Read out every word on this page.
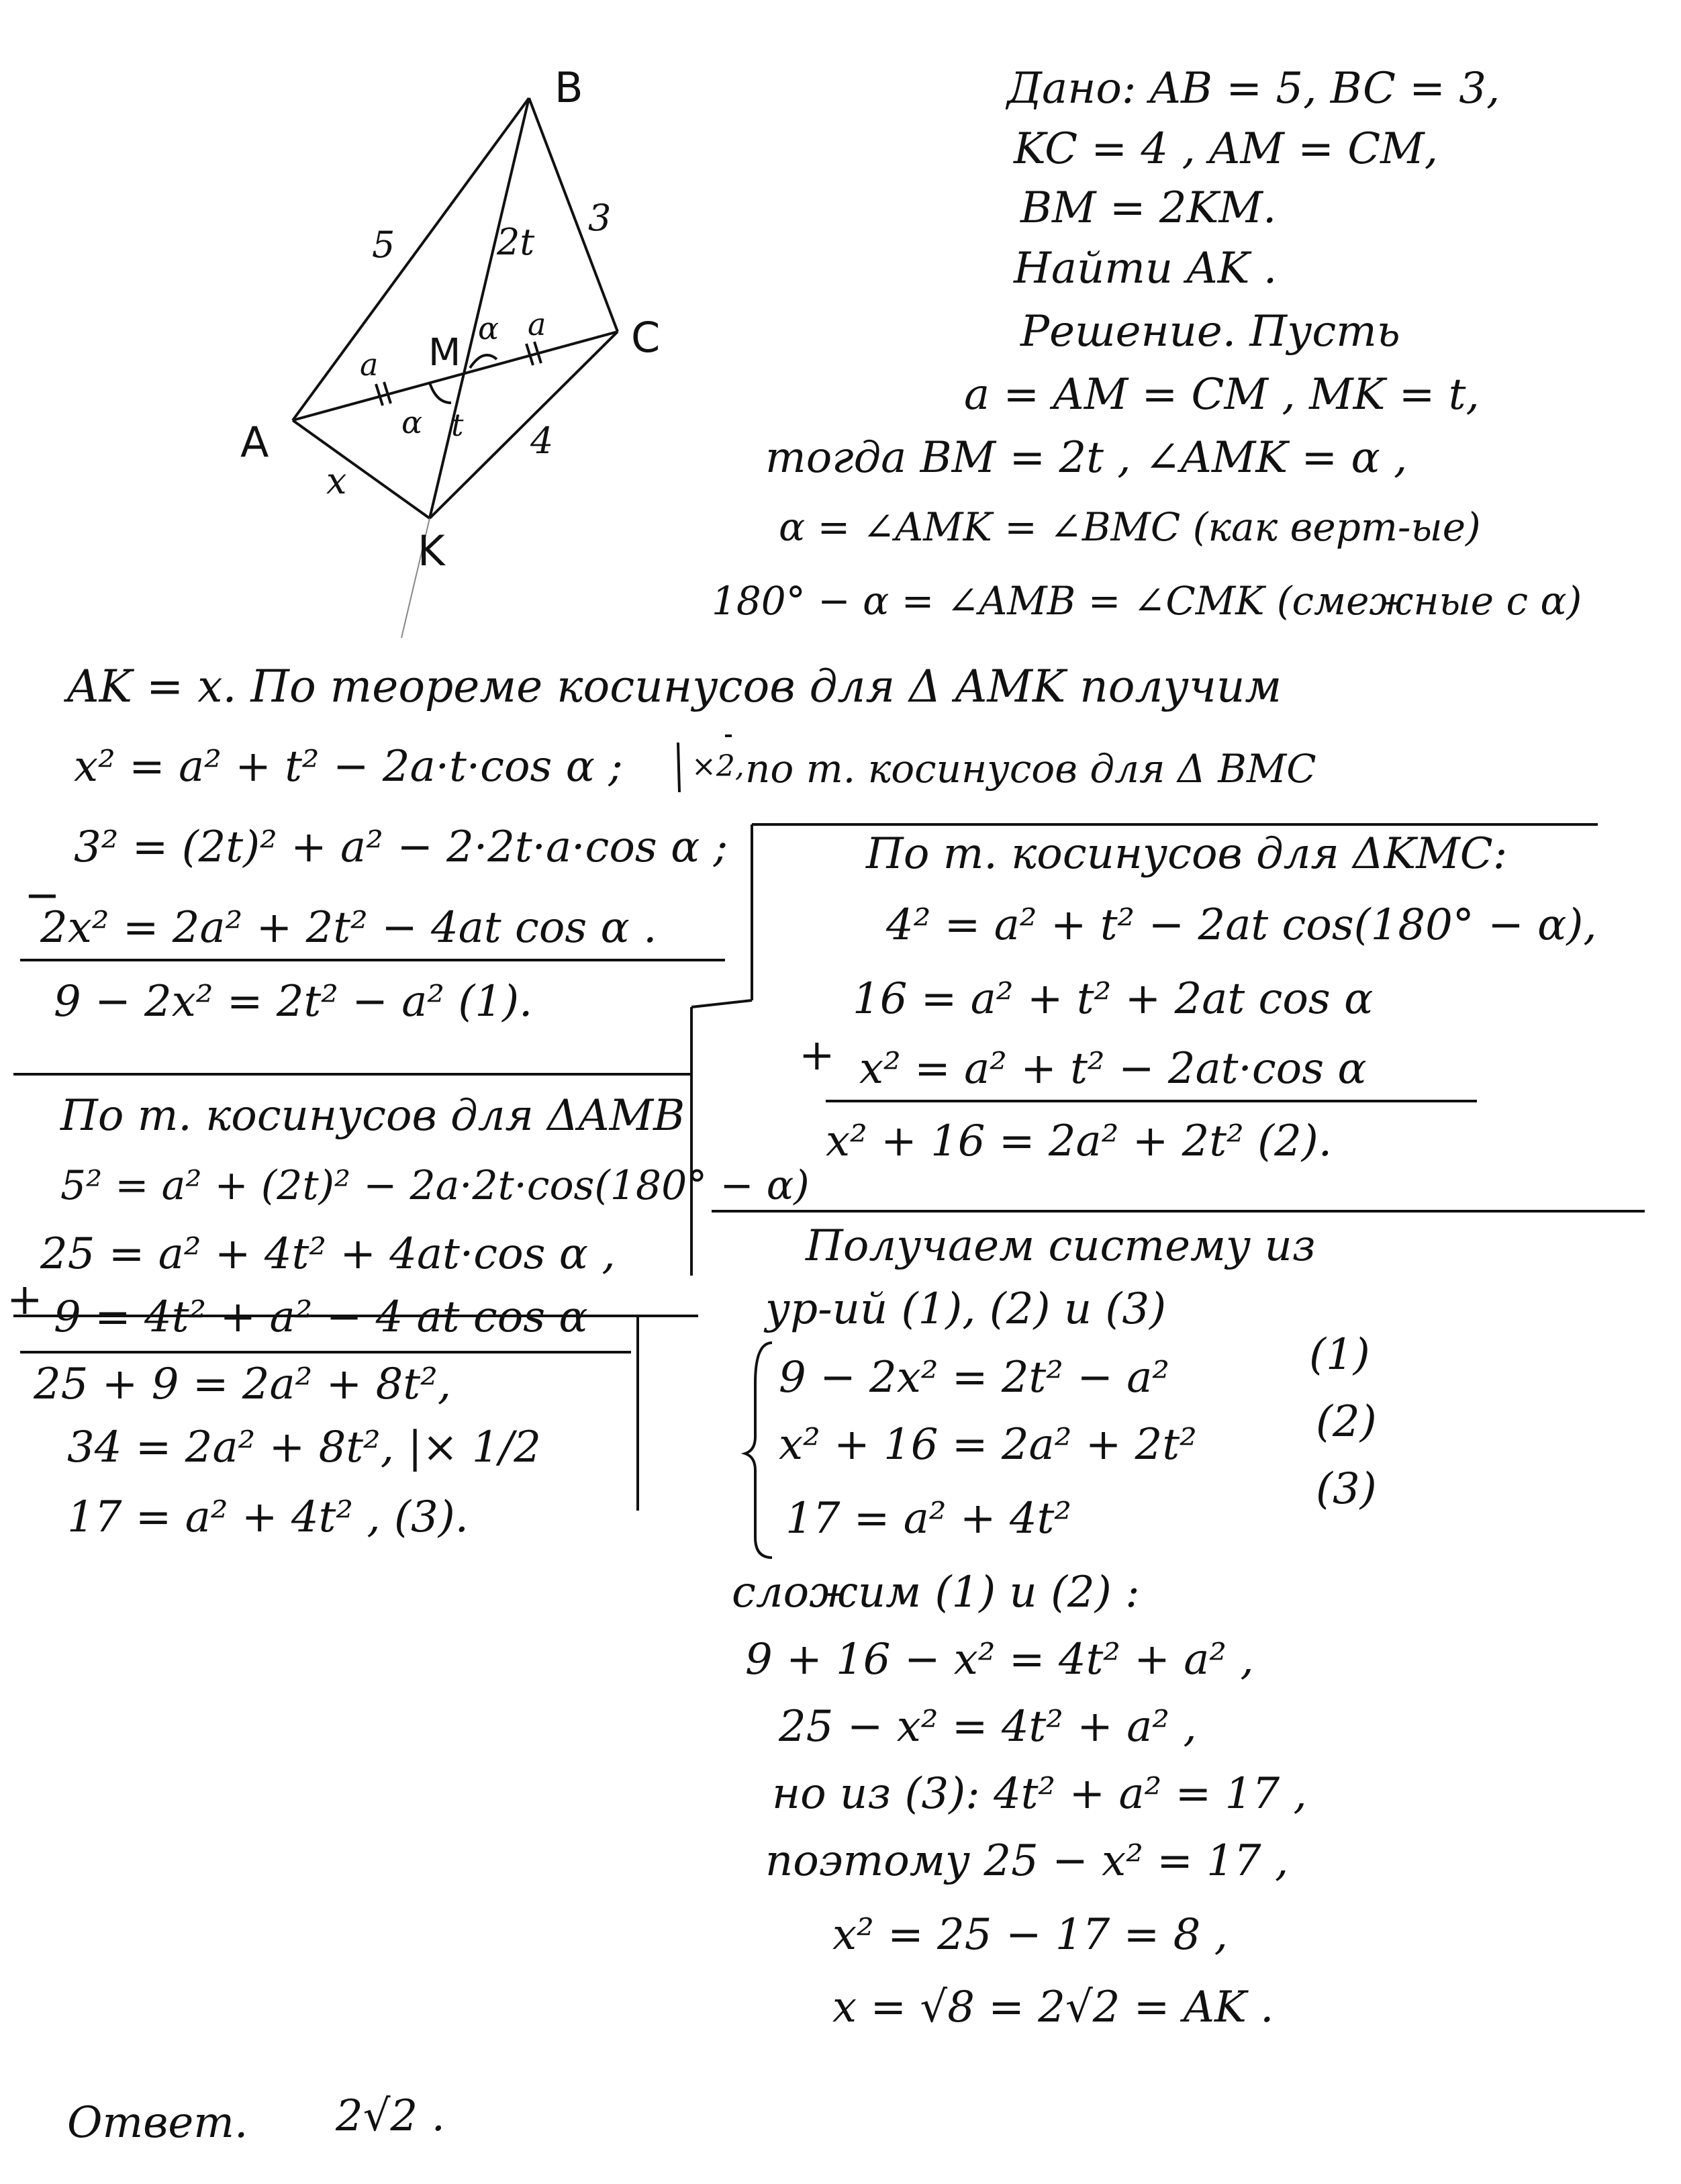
B
A
C
K
M
5
3
4
x
2t
t
a
a
α
α
Дано: AB = 5, BC = 3,
KC = 4 , AM = CM,
BM = 2KM.
Найти AK .
Решение. Пусть
a = AM = CM , MK = t,
тогда BM = 2t , ∠AMK = α ,
α = ∠AMK = ∠BMC (как верт-ые)
180° − α = ∠AMB = ∠CMK (смежные с α)
AK = x. По теореме косинусов для Δ AMK получим
x² = a² + t² − 2a·t·cos α ; ×2, по т. косинусов для Δ BMC
3² = (2t)² + a² − 2·2t·a·cos α ;
−
2x² = 2a² + 2t² − 4at cos α .
9 − 2x² = 2t² − a² (1).
По т. косинусов для ΔKMC:
4² = a² + t² − 2at cos(180° − α),
16 = a² + t² + 2at cos α
+ x² = a² + t² − 2at·cos α
x² + 16 = 2a² + 2t² (2).
По т. косинусов для ΔAMB
5² = a² + (2t)² − 2a·2t·cos(180° − α)
25 = a² + 4t² + 4at·cos α ,
+ 9 = 4t² + a² − 4 at cos α
25 + 9 = 2a² + 8t²,
34 = 2a² + 8t², |× 1/2
17 = a² + 4t² , (3).
Получаем систему из
ур-ий (1), (2) и (3)
9 − 2x² = 2t² − a²	(1)
x² + 16 = 2a² + 2t²	(2)
17 = a² + 4t²
(3)
сложим (1) и (2) :
9 + 16 − x² = 4t² + a² ,
25 − x² = 4t² + a² ,
но из (3): 4t² + a² = 17 ,
поэтому 25 − x² = 17 ,
x² = 25 − 17 = 8 ,
x = √8 = 2√2 = AK .
Ответ. 2√2 .
